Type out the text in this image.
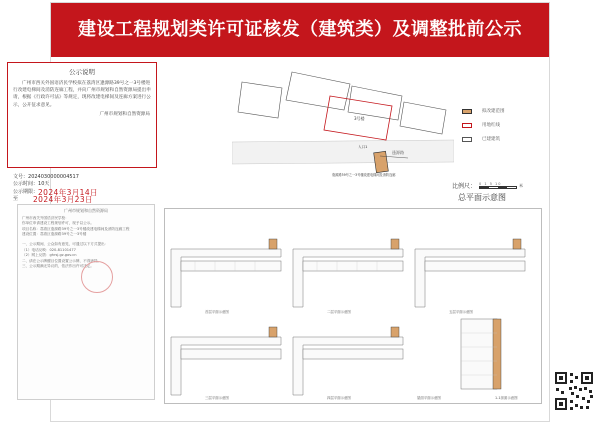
建设工程规划类许可证核发（建筑类）及调整批前公示
公示说明
广州市西关外国语济民学校拟在荔湾区逢源路39号之一3号楼进行改建电梯间及消防连廊工程，并向广州市规划和自然资源局提出申请，根据《行政许可法》等规定，现将改建电梯间及连廊方案进行公示，公开征求意见。
广州市规划和自然资源局
文号： 2024030000004517
公示时间： 10天
公示期限： 2024年3月14日
至	2024年3月23日
广州市规划和自然资源局
广州市西关外国语济民学校：
你单位申请建设工程规划许可，现予以公示。
项目名称：荔湾区逢源路39号之一3号楼改建电梯间及消防连廊工程
建设位置：荔湾区逢源路39号之一3号楼
一、公示期间，公众如有意见，可通过以下方式提出：
（1）电话反映：020-81101477
（2）网上反馈：ghrsj.gz.gov.cn
二、请在公示牌醒目位置设置公示牌，不得遮挡。
三、公示期满无异议的，依法作出许可决定。
3号楼
入口1
逢源路
逢源路39号之一3号楼改建电梯间及消防连廊
拟改建范围
用地红线
已建建筑
比例尺： 0 1 5 10	米
总平面示意图
首层平面示意图	二层平面示意图
三层平面示意图	四层平面示意图
五层平面示意图
屋面平面示意图	1-1剖面示意图
